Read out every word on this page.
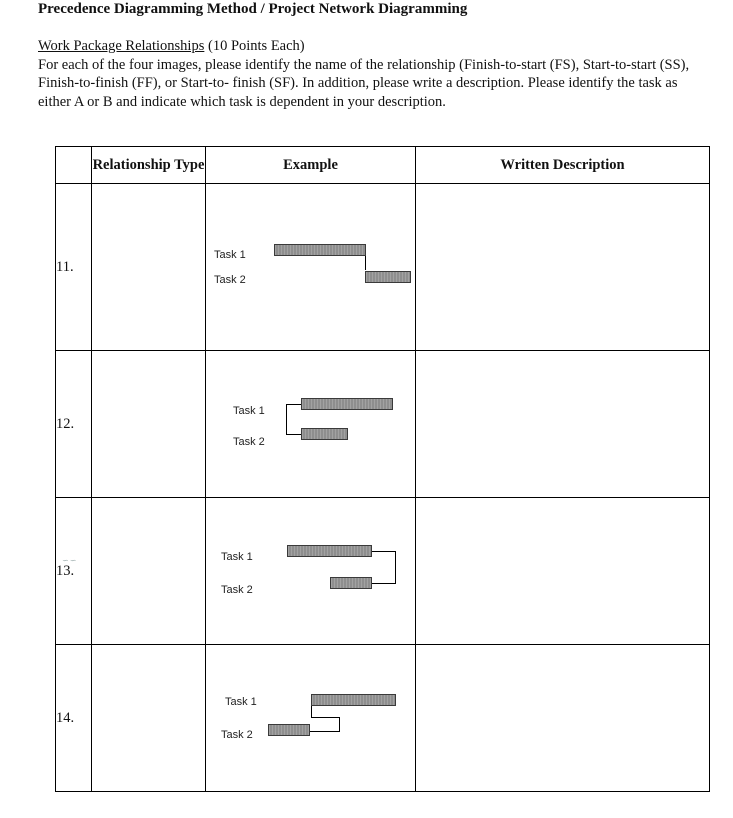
Precedence Diagramming Method / Project Network Diagramming
Work Package Relationships (10 Points Each)
For each of the four images, please identify the name of the relationship (Finish-to-start (FS), Start-to-start (SS), Finish-to-finish (FF), or Start-to- finish (SF). In addition, please write a description. Please identify the task as either A or B and indicate which task is dependent in your description.
∽∽
	Relationship Type	Example	Written Description
11.		Task 1
Task 2	

12.		Task 1
Task 2	

13.		Task 1
Task 2	

14.		Task 1
Task 2	
